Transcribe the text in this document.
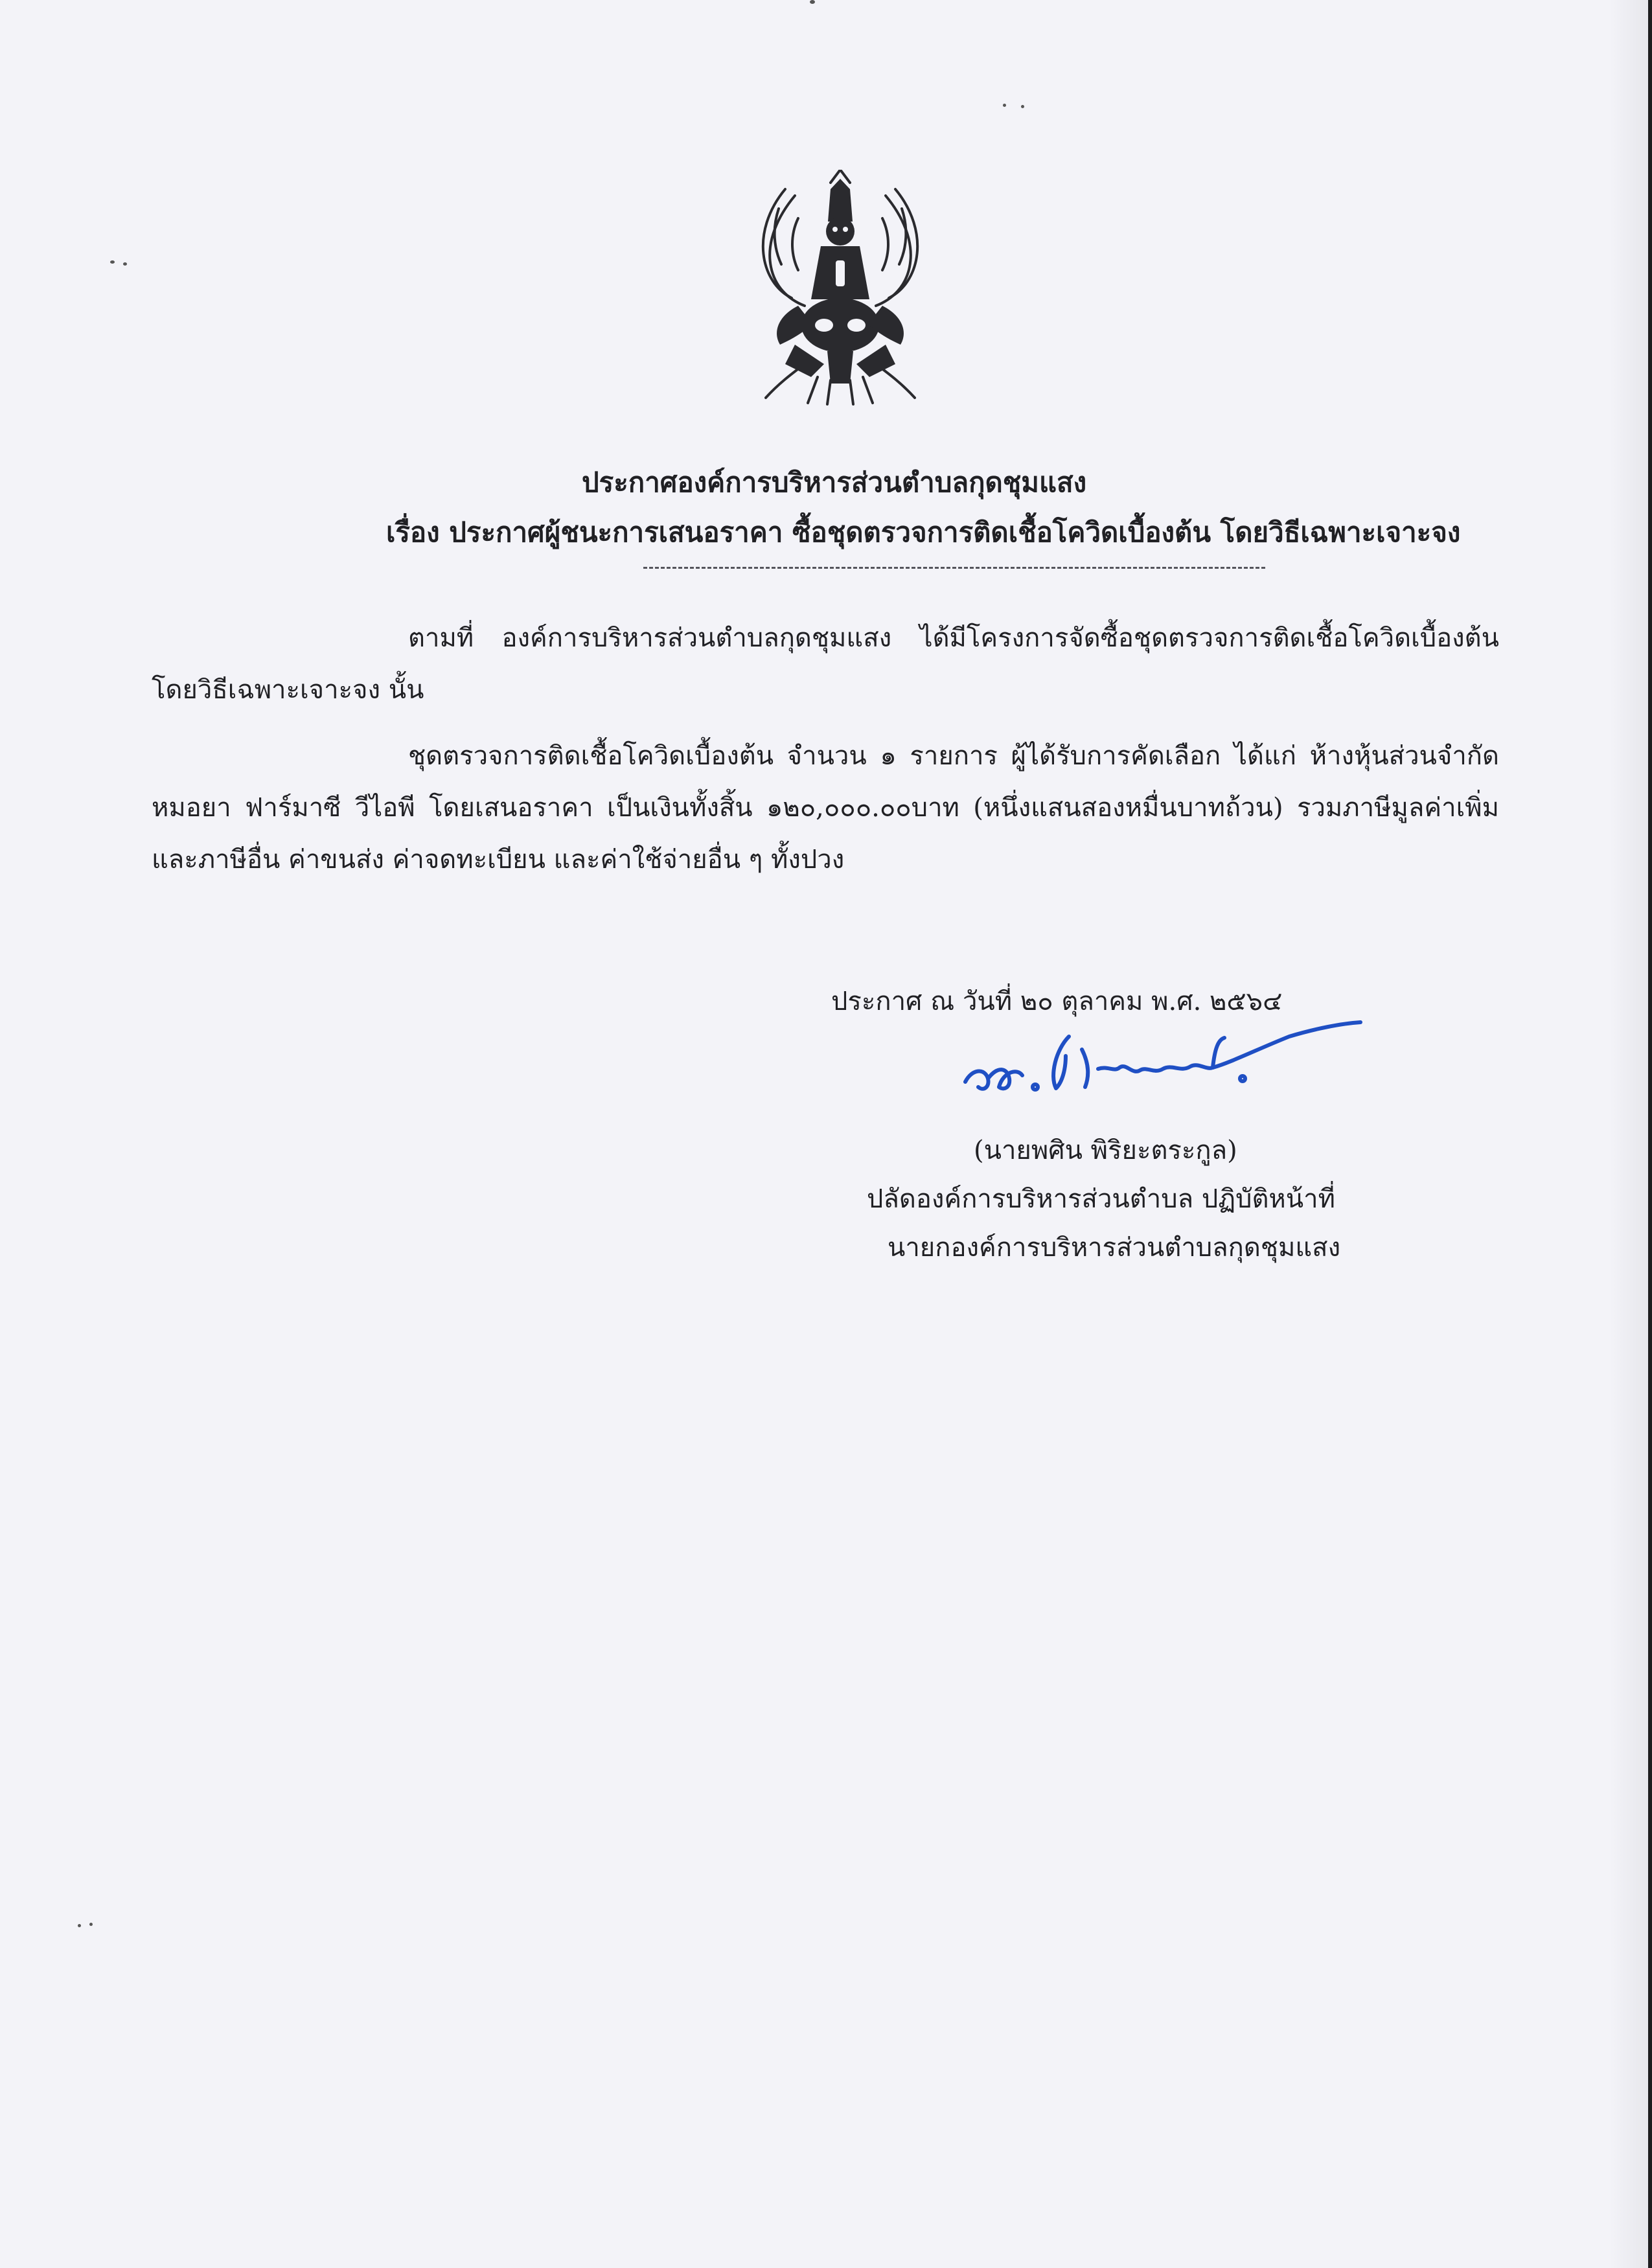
ประกาศองค์การบริหารส่วนตำบลกุดชุมแสง
เรื่อง ประกาศผู้ชนะการเสนอราคา ซื้อชุดตรวจการติดเชื้อโควิดเบื้องต้น โดยวิธีเฉพาะเจาะจง
ตามที่ องค์การบริหารส่วนตำบลกุดชุมแสง ได้มีโครงการจัดซื้อชุดตรวจการติดเชื้อโควิดเบื้องต้น โดยวิธีเฉพาะเจาะจง นั้น
ชุดตรวจการติดเชื้อโควิดเบื้องต้น จำนวน ๑ รายการ ผู้ได้รับการคัดเลือก ได้แก่ ห้างหุ้นส่วนจำกัด หมอยา ฟาร์มาซี วีไอพี โดยเสนอราคา เป็นเงินทั้งสิ้น ๑๒๐,๐๐๐.๐๐บาท (หนึ่งแสนสองหมื่นบาทถ้วน) รวมภาษีมูลค่าเพิ่มและภาษีอื่น ค่าขนส่ง ค่าจดทะเบียน และค่าใช้จ่ายอื่น ๆ ทั้งปวง
ประกาศ ณ วันที่ ๒๐ ตุลาคม พ.ศ. ๒๕๖๔
(นายพศิน พิริยะตระกูล)
ปลัดองค์การบริหารส่วนตำบล ปฏิบัติหน้าที่
นายกองค์การบริหารส่วนตำบลกุดชุมแสง
